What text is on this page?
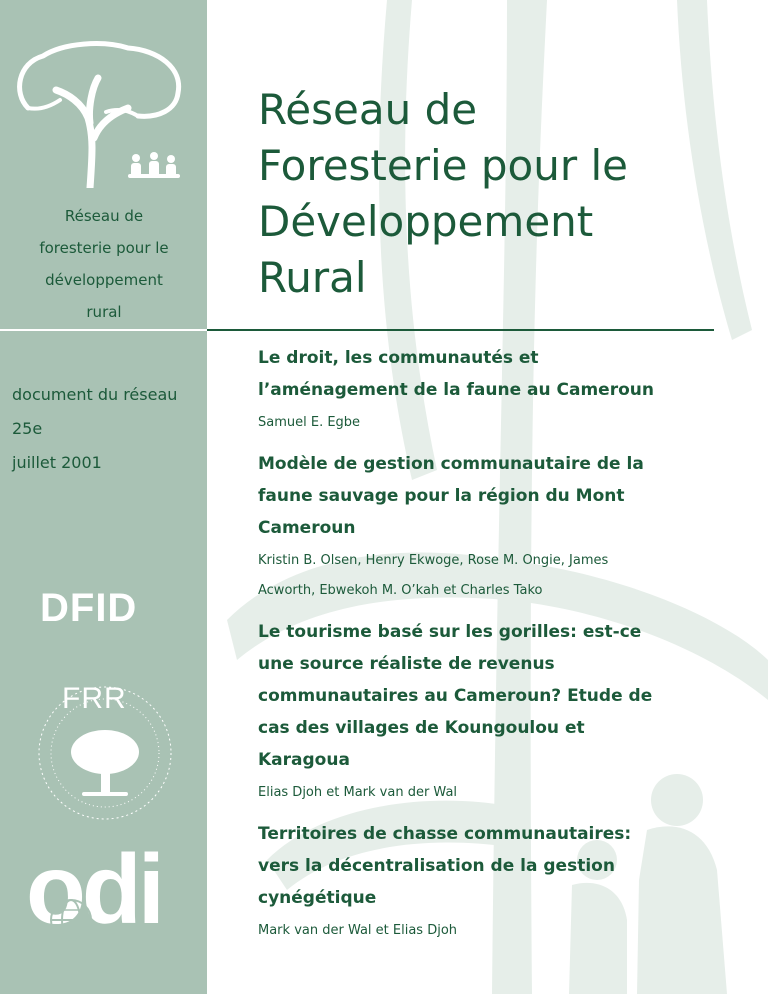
Réseau de
foresterie pour le
développement
rural
document du réseau
25e
juillet 2001
DFID
FRR
odi
Réseau de
Foresterie pour le
Développement
Rural

Le droit, les communautés et
l’aménagement de la faune au Cameroun

Samuel E. Egbe

Modèle de gestion communautaire de la
faune sauvage pour la région du Mont
Cameroun

Kristin B. Olsen, Henry Ekwoge, Rose M. Ongie, James
Acworth, Ebwekoh M. O’kah et Charles Tako

Le tourisme basé sur les gorilles: est-ce
une source réaliste de revenus
communautaires au Cameroun? Etude de
cas des villages de Koungoulou et
Karagoua

Elias Djoh et Mark van der Wal

Territoires de chasse communautaires:
vers la décentralisation de la gestion
cynégétique

Mark van der Wal et Elias Djoh
